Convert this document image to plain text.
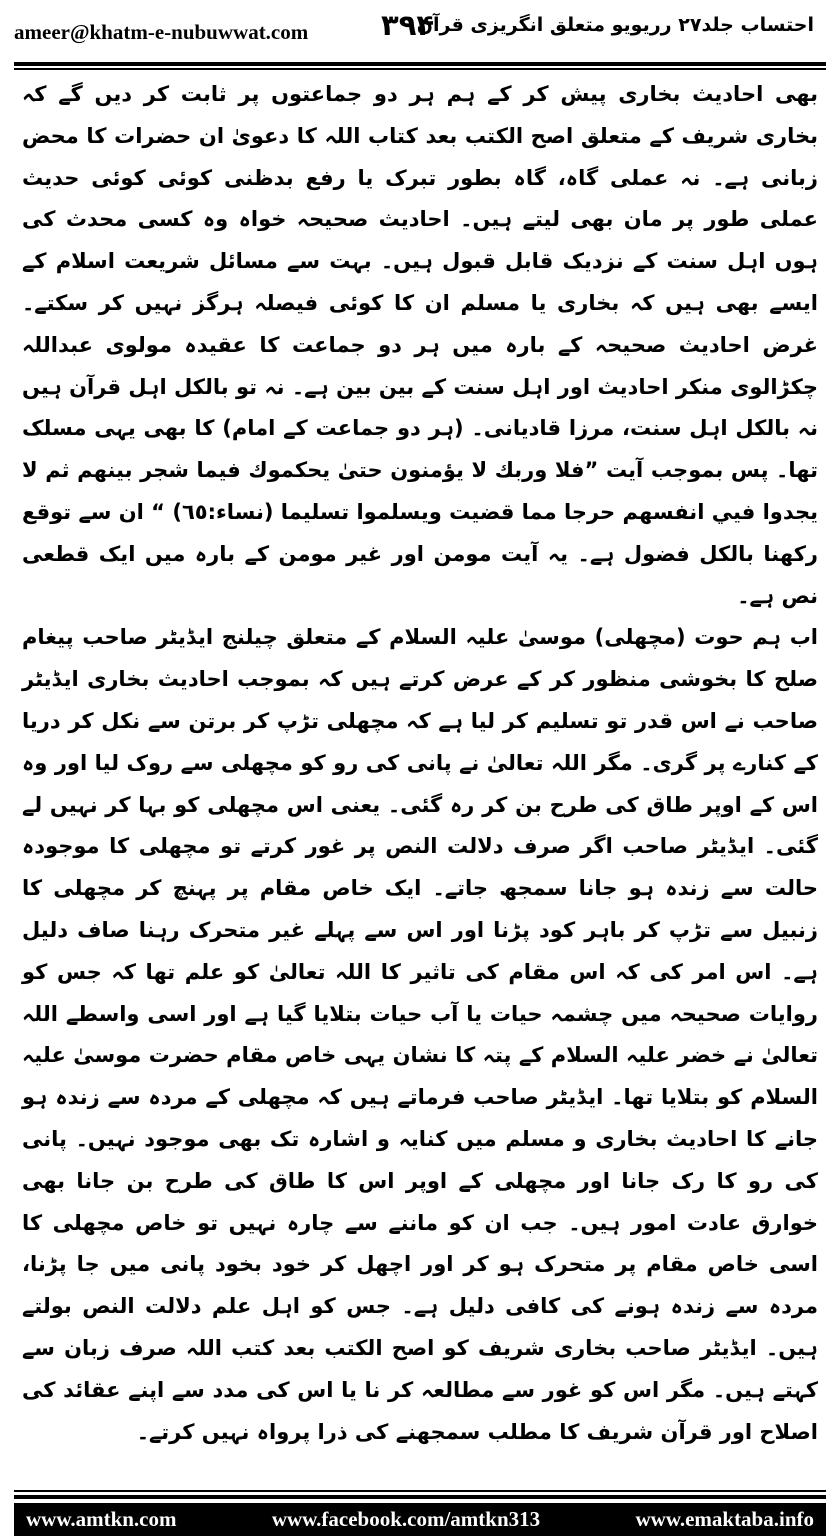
ameer@khatm-e-nubuwwat.com	۳۹۴
احتساب جلد۲۷ رریویو متعلق انگریزی قرآن

بھی احادیث بخاری پیش کر کے ہم ہر دو جماعتوں پر ثابت کر دیں گے کہ بخاری شریف کے متعلق اصح الکتب بعد کتاب اللہ کا دعویٰ ان حضرات کا محض زبانی ہے۔ نہ عملی گاہ، گاہ بطور تبرک یا رفع بدظنی کوئی کوئی حدیث عملی طور پر مان بھی لیتے ہیں۔ احادیث صحیحہ خواہ وہ کسی محدث کی ہوں اہل سنت کے نزدیک قابل قبول ہیں۔ بہت سے مسائل شریعت اسلام کے ایسے بھی ہیں کہ بخاری یا مسلم ان کا کوئی فیصلہ ہرگز نہیں کر سکتے۔ غرض احادیث صحیحہ کے بارہ میں ہر دو جماعت کا عقیدہ مولوی عبداللہ چکڑالوی منکر احادیث اور اہل سنت کے بین بین ہے۔ نہ تو بالکل اہل قرآن ہیں نہ بالکل اہل سنت، مرزا قادیانی۔ (ہر دو جماعت کے امام) کا بھی یہی مسلک تھا۔ پس بموجب آیت ”فلا وربك لا يؤمنون حتىٰ يحكموك فيما شجر بينهم ثم لا يجدوا فيي انفسهم حرجا مما قضيت ويسلموا تسليما (نساء:٦٥) “ ان سے توقع رکھنا بالکل فضول ہے۔ یہ آیت مومن اور غیر مومن کے بارہ میں ایک قطعی نص ہے۔

اب ہم حوت (مچھلی) موسیٰ علیہ السلام کے متعلق چیلنج ایڈیٹر صاحب پیغام صلح کا بخوشی منظور کر کے عرض کرتے ہیں کہ بموجب احادیث بخاری ایڈیٹر صاحب نے اس قدر تو تسلیم کر لیا ہے کہ مچھلی تڑپ کر برتن سے نکل کر دریا کے کنارے پر گری۔ مگر اللہ تعالیٰ نے پانی کی رو کو مچھلی سے روک لیا اور وہ اس کے اوپر طاق کی طرح بن کر رہ گئی۔ یعنی اس مچھلی کو بہا کر نہیں لے گئی۔ ایڈیٹر صاحب اگر صرف دلالت النص پر غور کرتے تو مچھلی کا موجودہ حالت سے زندہ ہو جانا سمجھ جاتے۔ ایک خاص مقام پر پہنچ کر مچھلی کا زنبیل سے تڑپ کر باہر کود پڑنا اور اس سے پہلے غیر متحرک رہنا صاف دلیل ہے۔ اس امر کی کہ اس مقام کی تاثیر کا اللہ تعالیٰ کو علم تھا کہ جس کو روایات صحیحہ میں چشمہ حیات یا آب حیات بتلایا گیا ہے اور اسی واسطے اللہ تعالیٰ نے خضر علیہ السلام کے پتہ کا نشان یہی خاص مقام حضرت موسیٰ علیہ السلام کو بتلایا تھا۔ ایڈیٹر صاحب فرماتے ہیں کہ مچھلی کے مردہ سے زندہ ہو جانے کا احادیث بخاری و مسلم میں کنایہ و اشارہ تک بھی موجود نہیں۔ پانی کی رو کا رک جانا اور مچھلی کے اوپر اس کا طاق کی طرح بن جانا بھی خوارق عادت امور ہیں۔ جب ان کو ماننے سے چارہ نہیں تو خاص مچھلی کا اسی خاص مقام پر متحرک ہو کر اور اچھل کر خود بخود پانی میں جا پڑنا، مردہ سے زندہ ہونے کی کافی دلیل ہے۔ جس کو اہل علم دلالت النص بولتے ہیں۔ ایڈیٹر صاحب بخاری شریف کو اصح الکتب بعد کتب اللہ صرف زبان سے کہتے ہیں۔ مگر اس کو غور سے مطالعہ کر نا یا اس کی مدد سے اپنے عقائد کی اصلاح اور قرآن شریف کا مطلب سمجھنے کی ذرا پرواہ نہیں کرتے۔

www.amtkn.com	www.facebook.com/amtkn313	www.emaktaba.info
